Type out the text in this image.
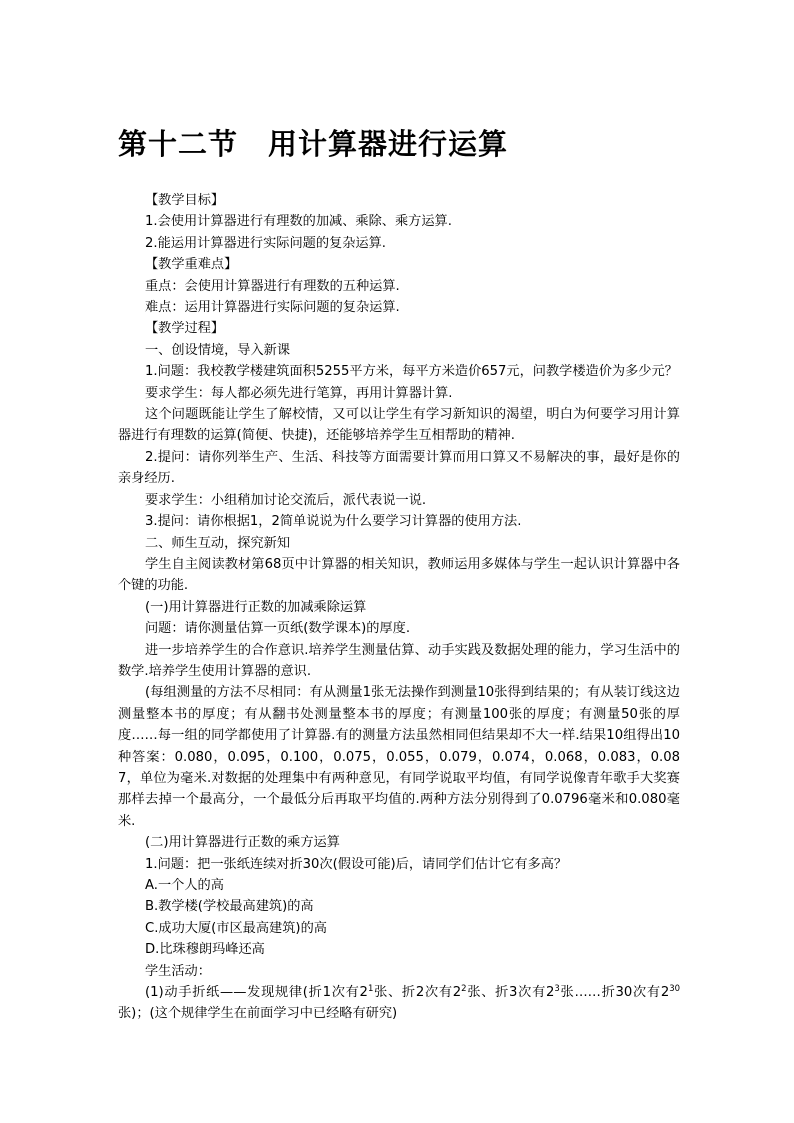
第十二节　用计算器进行运算

【教学目标】

1.会使用计算器进行有理数的加减、乘除、乘方运算.

2.能运用计算器进行实际问题的复杂运算.

【教学重难点】

重点：会使用计算器进行有理数的五种运算.

难点：运用计算器进行实际问题的复杂运算.

【教学过程】

一、创设情境，导入新课

1.问题：我校教学楼建筑面积5255平方米，每平方米造价657元，问教学楼造价为多少元？

要求学生：每人都必须先进行笔算，再用计算器计算.

这个问题既能让学生了解校情，又可以让学生有学习新知识的渴望，明白为何要学习用计算器进行有理数的运算(简便、快捷)，还能够培养学生互相帮助的精神.

2.提问：请你列举生产、生活、科技等方面需要计算而用口算又不易解决的事，最好是你的亲身经历.

要求学生：小组稍加讨论交流后，派代表说一说.

3.提问：请你根据1，2简单说说为什么要学习计算器的使用方法.

二、师生互动，探究新知

学生自主阅读教材第68页中计算器的相关知识，教师运用多媒体与学生一起认识计算器中各个键的功能.

(一)用计算器进行正数的加减乘除运算

问题：请你测量估算一页纸(数学课本)的厚度.

进一步培养学生的合作意识.培养学生测量估算、动手实践及数据处理的能力，学习生活中的数学.培养学生使用计算器的意识.

(每组测量的方法不尽相同：有从测量1张无法操作到测量10张得到结果的；有从装订线这边测量整本书的厚度；有从翻书处测量整本书的厚度；有测量100张的厚度；有测量50张的厚度……每一组的同学都使用了计算器.有的测量方法虽然相同但结果却不大一样.结果10组得出10种答案：0.080，0.095，0.100，0.075，0.055，0.079，0.074，0.068，0.083，0.087，单位为毫米.对数据的处理集中有两种意见，有同学说取平均值，有同学说像青年歌手大奖赛那样去掉一个最高分，一个最低分后再取平均值的.两种方法分别得到了0.0796毫米和0.080毫米.

(二)用计算器进行正数的乘方运算

1.问题：把一张纸连续对折30次(假设可能)后，请同学们估计它有多高？

A.一个人的高

B.教学楼(学校最高建筑)的高

C.成功大厦(市区最高建筑)的高

D.比珠穆朗玛峰还高

学生活动：

(1)动手折纸——发现规律(折1次有$2^1$张、折2次有$2^2$张、折3次有$2^3$张……折30次有$2^{30}$张)；(这个规律学生在前面学习中已经略有研究)
